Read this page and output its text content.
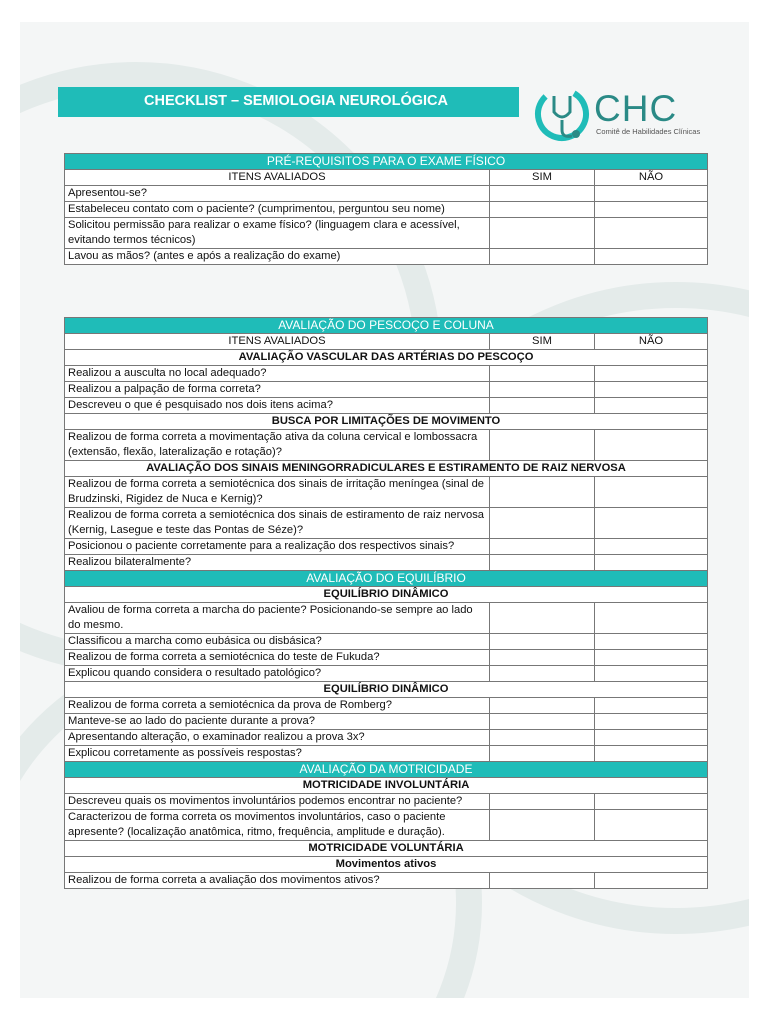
CHECKLIST – SEMIOLOGIA NEUROLÓGICA	CHC
Comitê de Habilidades Clínicas
PRÉ-REQUISITOS PARA O EXAME FÍSICO		
ITENS AVALIADOS	SIM	NÃO
Apresentou-se?		
Estabeleceu contato com o paciente? (cumprimentou, perguntou seu nome)		
Solicitou permissão para realizar o exame físico? (linguagem clara e acessível, evitando termos técnicos)		
Lavou as mãos? (antes e após a realização do exame)		
AVALIAÇÃO DO PESCOÇO E COLUNA		
ITENS AVALIADOS	SIM	NÃO
AVALIAÇÃO VASCULAR DAS ARTÉRIAS DO PESCOÇO		
Realizou a ausculta no local adequado?		
Realizou a palpação de forma correta?		
Descreveu o que é pesquisado nos dois itens acima?		
BUSCA POR LIMITAÇÕES DE MOVIMENTO		
Realizou de forma correta a movimentação ativa da coluna cervical e lombossacra (extensão, flexão, lateralização e rotação)?		
AVALIAÇÃO DOS SINAIS MENINGORRADICULARES E ESTIRAMENTO DE RAIZ NERVOSA		
Realizou de forma correta a semiotécnica dos sinais de irritação meníngea (sinal de Brudzinski, Rigidez de Nuca e Kernig)?		
Realizou de forma correta a semiotécnica dos sinais de estiramento de raiz nervosa (Kernig, Lasegue e teste das Pontas de Séze)?		
Posicionou o paciente corretamente para a realização dos respectivos sinais?		
Realizou bilateralmente?		
AVALIAÇÃO DO EQUILÍBRIO		
EQUILÍBRIO DINÂMICO		
Avaliou de forma correta a marcha do paciente? Posicionando-se sempre ao lado do mesmo.		
Classificou a marcha como eubásica ou disbásica?		
Realizou de forma correta a semiotécnica do teste de Fukuda?		
Explicou quando considera o resultado patológico?		
EQUILÍBRIO DINÂMICO		
Realizou de forma correta a semiotécnica da prova de Romberg?		
Manteve-se ao lado do paciente durante a prova?		
Apresentando alteração, o examinador realizou a prova 3x?		
Explicou corretamente as possíveis respostas?		
AVALIAÇÃO DA MOTRICIDADE		
MOTRICIDADE INVOLUNTÁRIA		
Descreveu quais os movimentos involuntários podemos encontrar no paciente?		
Caracterizou de forma correta os movimentos involuntários, caso o paciente apresente? (localização anatômica, ritmo, frequência, amplitude e duração).		
MOTRICIDADE VOLUNTÁRIA		
Movimentos ativos		
Realizou de forma correta a avaliação dos movimentos ativos?		
